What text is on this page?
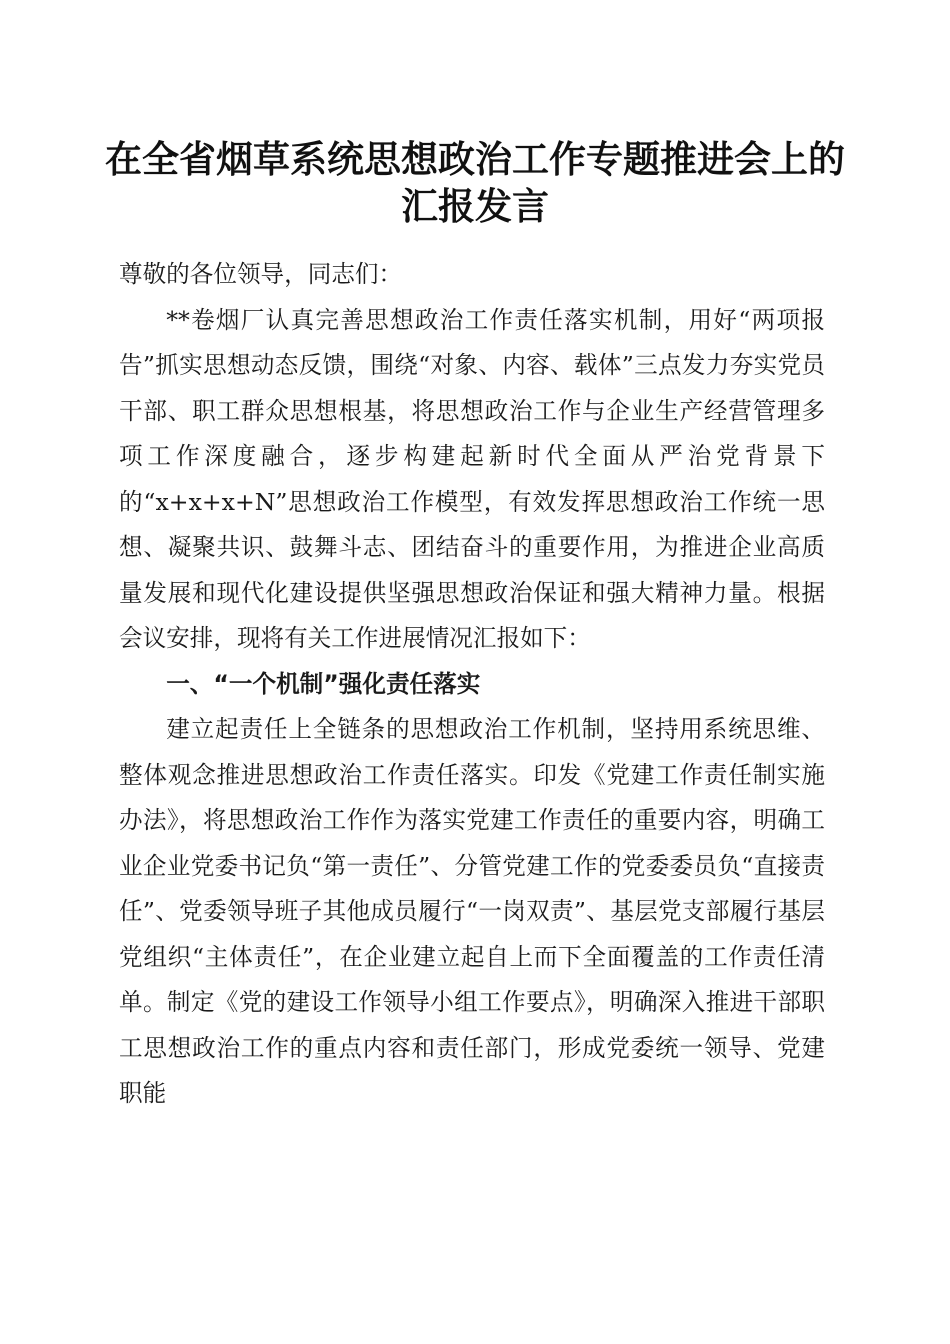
在全省烟草系统思想政治工作专题推进会上的
汇报发言

尊敬的各位领导，同志们：

**卷烟厂认真完善思想政治工作责任落实机制，用好“两项报告”抓实思想动态反馈，围绕“对象、内容、载体”三点发力夯实党员干部、职工群众思想根基，将思想政治工作与企业生产经营管理多项工作深度融合，逐步构建起新时代全面从严治党背景下的“x+x+x+N”思想政治工作模型，有效发挥思想政治工作统一思想、凝聚共识、鼓舞斗志、团结奋斗的重要作用，为推进企业高质量发展和现代化建设提供坚强思想政治保证和强大精神力量。根据会议安排，现将有关工作进展情况汇报如下：

一、“一个机制”强化责任落实

建立起责任上全链条的思想政治工作机制，坚持用系统思维、整体观念推进思想政治工作责任落实。印发《党建工作责任制实施办法》，将思想政治工作作为落实党建工作责任的重要内容，明确工业企业党委书记负“第一责任”、分管党建工作的党委委员负“直接责任”、党委领导班子其他成员履行“一岗双责”、基层党支部履行基层党组织“主体责任”，在企业建立起自上而下全面覆盖的工作责任清单。制定《党的建设工作领导小组工作要点》，明确深入推进干部职工思想政治工作的重点内容和责任部门，形成党委统一领导、党建职能
